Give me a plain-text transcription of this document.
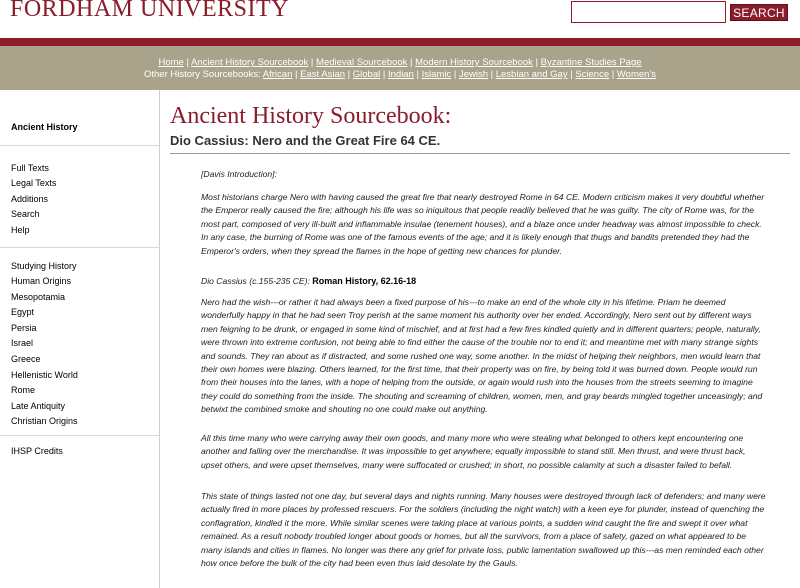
FORDHAM UNIVERSITY	SEARCH
Home | Ancient History Sourcebook | Medieval Sourcebook | Modern History Sourcebook | Byzantine Studies Page
Other History Sourcebooks: African | East Asian | Global | Indian | Islamic | Jewish | Lesbian and Gay | Science | Women's
Ancient History
Full Texts
Legal Texts
Additions
Search
Help
Studying History
Human Origins
Mesopotamia
Egypt
Persia
Israel
Greece
Hellenistic World
Rome
Late Antiquity
Christian Origins
IHSP Credits
Ancient History Sourcebook:
Dio Cassius: Nero and the Great Fire 64 CE.
[Davis Introduction]:
Most historians charge Nero with having caused the great fire that nearly destroyed Rome in 64 CE. Modern criticism makes it very doubtful whether the Emperor really caused the fire; although his life was so iniquitous that people readily believed that he was guilty. The city of Rome was, for the most part, composed of very ill-built and inflammable insulae (tenement houses), and a blaze once under headway was almost impossible to check. In any case, the burning of Rome was one of the famous events of the age; and it is likely enough that thugs and bandits pretended they had the Emperor's orders, when they spread the flames in the hope of getting new chances for plunder.
Dio Cassius (c.155-235 CE): Roman History, 62.16-18
Nero had the wish---or rather it had always been a fixed purpose of his---to make an end of the whole city in his lifetime. Priam he deemed wonderfully happy in that he had seen Troy perish at the same moment his authority over her ended. Accordingly, Nero sent out by different ways men feigning to be drunk, or engaged in some kind of mischief, and at first had a few fires kindled quietly and in different quarters; people, naturally, were thrown into extreme confusion, not being able to find either the cause of the trouble nor to end it; and meantime met with many strange sights and sounds. They ran about as if distracted, and some rushed one way, some another. In the midst of helping their neighbors, men would learn that their own homes were blazing. Others learned, for the first time, that their property was on fire, by being told it was burned down. People would run from their houses into the lanes, with a hope of helping from the outside, or again would rush into the houses from the streets seeming to imagine they could do something from the inside. The shouting and screaming of children, women, men, and gray beards mingled together unceasingly; and betwixt the combined smoke and shouting no one could make out anything.
All this time many who were carrying away their own goods, and many more who were stealing what belonged to others kept encountering one another and falling over the merchandise. It was impossible to get anywhere; equally impossible to stand still. Men thrust, and were thrust back, upset others, and were upset themselves, many were suffocated or crushed; in short, no possible calamity at such a disaster failed to befall.
This state of things lasted not one day, but several days and nights running. Many houses were destroyed through lack of defenders; and many were actually fired in more places by professed rescuers. For the soldiers (including the night watch) with a keen eye for plunder, instead of quenching the conflagration, kindled it the more. While similar scenes were taking place at various points, a sudden wind caught the fire and swept it over what remained. As a result nobody troubled longer about goods or homes, but all the survivors, from a place of safety, gazed on what appeared to be many islands and cities in flames. No longer was there any grief for private loss, public lamentation swallowed up this---as men reminded each other how once before the bulk of the city had been even thus laid desolate by the Gauls.
